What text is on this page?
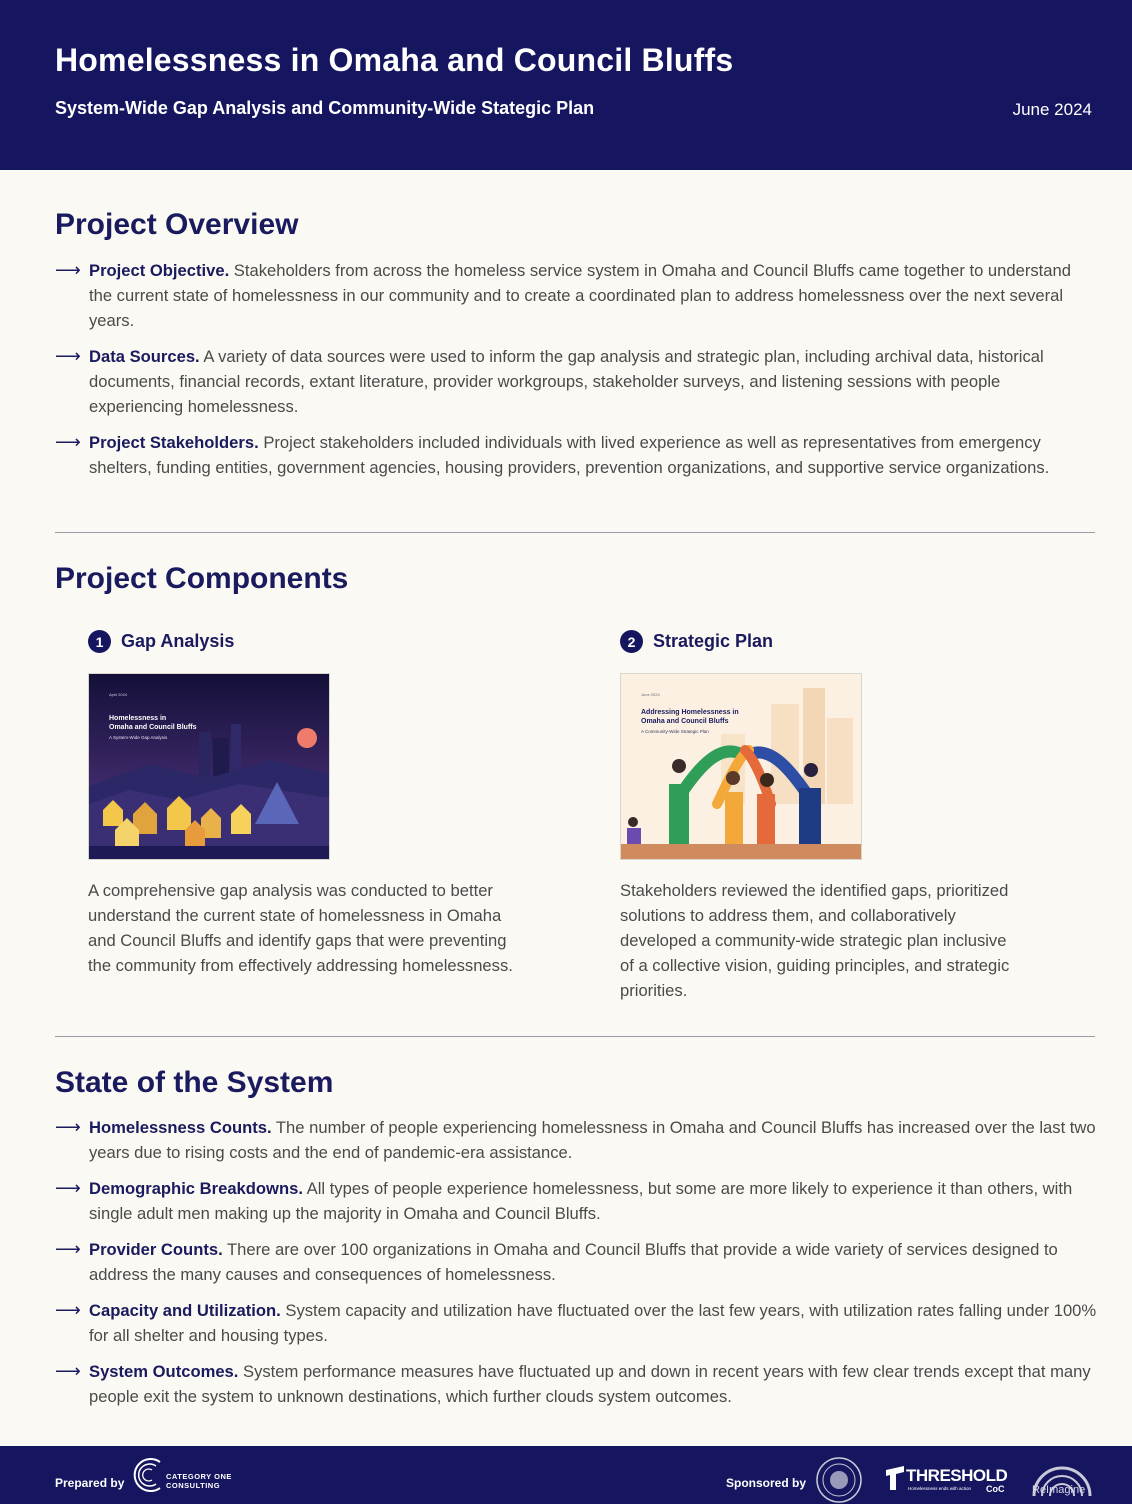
Homelessness in Omaha and Council Bluffs
System-Wide Gap Analysis and Community-Wide Stategic Plan	June 2024
Project Overview
⟶ Project Objective. Stakeholders from across the homeless service system in Omaha and Council Bluffs came together to understand the current state of homelessness in our community and to create a coordinated plan to address homelessness over the next several years.
⟶ Data Sources. A variety of data sources were used to inform the gap analysis and strategic plan, including archival data, historical documents, financial records, extant literature, provider workgroups, stakeholder surveys, and listening sessions with people experiencing homelessness.
⟶ Project Stakeholders. Project stakeholders included individuals with lived experience as well as representatives from emergency shelters, funding entities, government agencies, housing providers, prevention organizations, and supportive service organizations.
Project Components
1 Gap Analysis
April 2024
Homelessness in
Omaha and Council Bluffs
A System-Wide Gap Analysis
A comprehensive gap analysis was conducted to better understand the current state of homelessness in Omaha and Council Bluffs and identify gaps that were preventing the community from effectively addressing homelessness.
2 Strategic Plan
June 2024
Addressing Homelessness in
Omaha and Council Bluffs
A Community-Wide Strategic Plan
Stakeholders reviewed the identified gaps, prioritized solutions to address them, and collaboratively developed a community-wide strategic plan inclusive of a collective vision, guiding principles, and strategic priorities.
State of the System
⟶ Homelessness Counts. The number of people experiencing homelessness in Omaha and Council Bluffs has increased over the last two years due to rising costs and the end of pandemic-era assistance.
⟶ Demographic Breakdowns. All types of people experience homelessness, but some are more likely to experience it than others, with single adult men making up the majority in Omaha and Council Bluffs.
⟶ Provider Counts. There are over 100 organizations in Omaha and Council Bluffs that provide a wide variety of services designed to address the many causes and consequences of homelessness.
⟶ Capacity and Utilization. System capacity and utilization have fluctuated over the last few years, with utilization rates falling under 100% for all shelter and housing types.
⟶ System Outcomes. System performance measures have fluctuated up and down in recent years with few clear trends except that many people exit the system to unknown destinations, which further clouds system outcomes.
Prepared by	CATEGORY ONE
CONSULTING	Sponsored by	THRESHOLD
CoC
Homelessness ends with action	ReImagine
